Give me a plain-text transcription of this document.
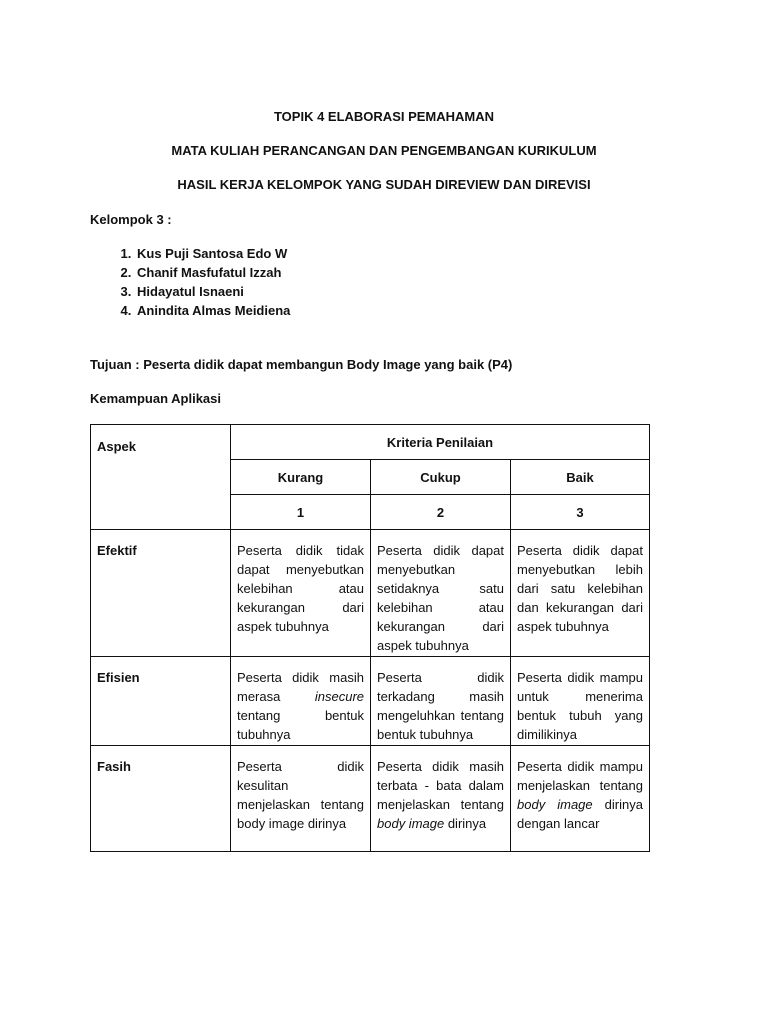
TOPIK 4 ELABORASI PEMAHAMAN
MATA KULIAH PERANCANGAN DAN PENGEMBANGAN KURIKULUM
HASIL KERJA KELOMPOK YANG SUDAH DIREVIEW DAN DIREVISI
Kelompok 3 :
1. Kus Puji Santosa Edo W
2. Chanif Masfufatul Izzah
3. Hidayatul Isnaeni
4. Anindita Almas Meidiena
Tujuan : Peserta didik dapat membangun Body Image yang baik (P4)
Kemampuan Aplikasi
Aspek	Kriteria Penilaian		
	Kurang	Cukup	Baik
	1	2	3
Efektif	Peserta didik tidak dapat menyebutkan kelebihan atau kekurangan dari aspek tubuhnya	Peserta didik dapat menyebutkan setidaknya satu kelebihan atau kekurangan dari aspek tubuhnya	Peserta didik dapat menyebutkan lebih dari satu kelebihan dan kekurangan dari aspek tubuhnya
Efisien	Peserta didik masih merasa insecure tentang bentuk tubuhnya	Peserta didik terkadang masih mengeluhkan tentang bentuk tubuhnya	Peserta didik mampu untuk menerima bentuk tubuh yang dimilikinya
Fasih	Peserta didik kesulitan menjelaskan tentang body image dirinya	Peserta didik masih terbata - bata dalam menjelaskan tentang body image dirinya	Peserta didik mampu menjelaskan tentang body image dirinya dengan lancar
